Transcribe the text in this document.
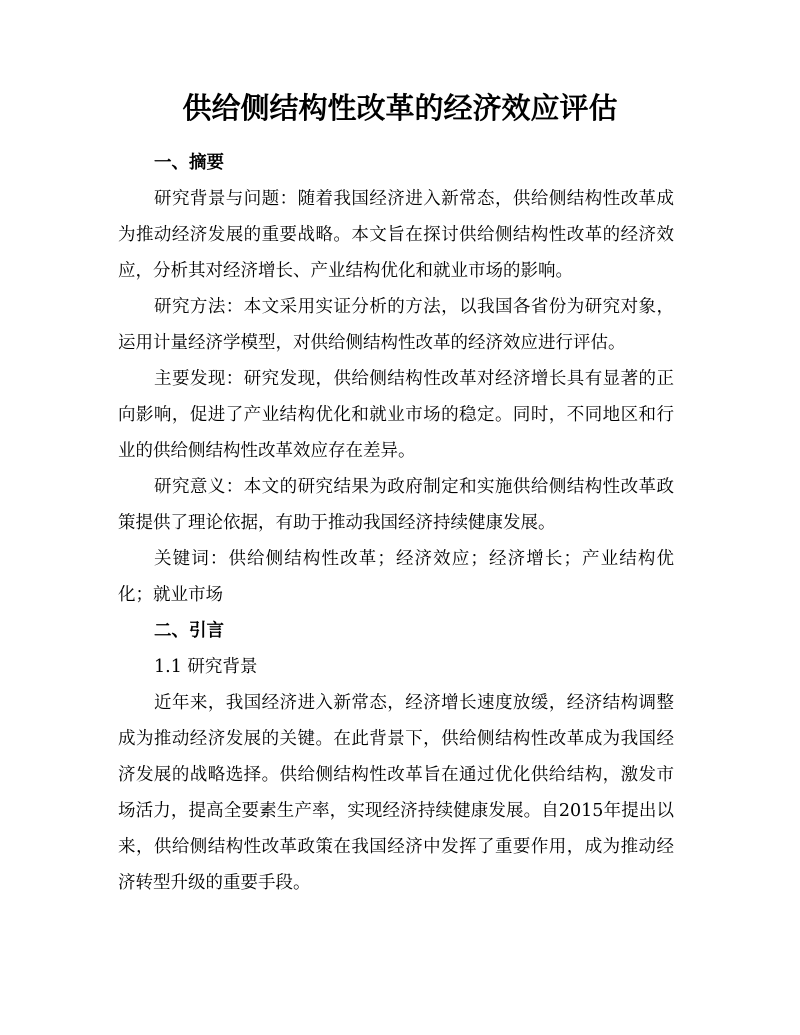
供给侧结构性改革的经济效应评估

一、摘要

研究背景与问题：随着我国经济进入新常态，供给侧结构性改革成为推动经济发展的重要战略。本文旨在探讨供给侧结构性改革的经济效应，分析其对经济增长、产业结构优化和就业市场的影响。

研究方法：本文采用实证分析的方法，以我国各省份为研究对象，运用计量经济学模型，对供给侧结构性改革的经济效应进行评估。

主要发现：研究发现，供给侧结构性改革对经济增长具有显著的正向影响，促进了产业结构优化和就业市场的稳定。同时，不同地区和行业的供给侧结构性改革效应存在差异。

研究意义：本文的研究结果为政府制定和实施供给侧结构性改革政策提供了理论依据，有助于推动我国经济持续健康发展。

关键词：供给侧结构性改革；经济效应；经济增长；产业结构优化；就业市场

二、引言

1.1 研究背景

近年来，我国经济进入新常态，经济增长速度放缓，经济结构调整成为推动经济发展的关键。在此背景下，供给侧结构性改革成为我国经济发展的战略选择。供给侧结构性改革旨在通过优化供给结构，激发市场活力，提高全要素生产率，实现经济持续健康发展。自2015年提出以来，供给侧结构性改革政策在我国经济中发挥了重要作用，成为推动经济转型升级的重要手段。
